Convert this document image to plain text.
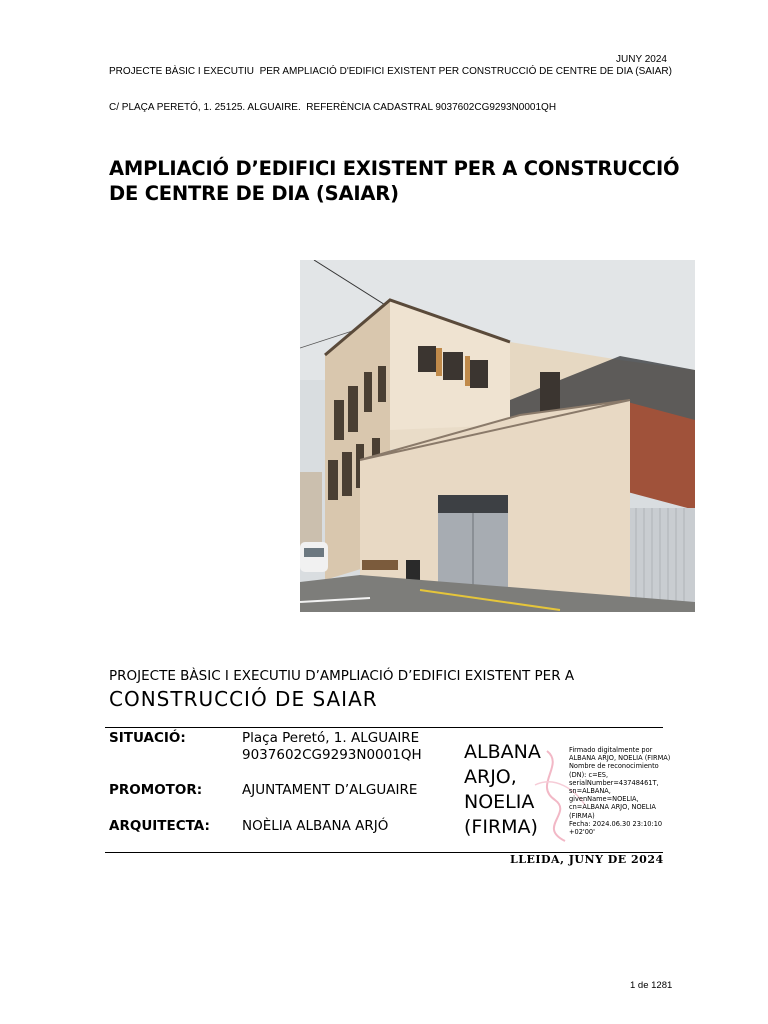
PROJECTE BÀSIC I EXECUTIU  PER AMPLIACIÓ D'EDIFICI EXISTENT PER CONSTRUCCIÓ DE CENTRE DE DIA (SAIAR)

C/ PLAÇA PERETÓ, 1. 25125. ALGUAIRE.  REFERÈNCIA CADASTRAL 9037602CG9293N0001QH

JUNY 2024

AMPLIACIÓ D’EDIFICI EXISTENT PER A CONSTRUCCIÓ
DE CENTRE DE DIA (SAIAR)
PROJECTE BÀSIC I EXECUTIU D’AMPLIACIÓ D’EDIFICI EXISTENT PER A
CONSTRUCCIÓ DE SAIAR
SITUACIÓ:	Plaça Peretó, 1. ALGUAIRE
9037602CG9293N0001QH
PROMOTOR:	AJUNTAMENT D’ALGUAIRE
ARQUITECTA: NOÈLIA ALBANA ARJÓ
ALBANA
ARJO,
NOELIA
(FIRMA)
Firmado digitalmente por
ALBANA ARJO, NOELIA (FIRMA)
Nombre de reconocimiento
(DN): c=ES,
serialNumber=43748461T,
sn=ALBANA,
givenName=NOELIA,
cn=ALBANA ARJO, NOELIA
(FIRMA)
Fecha: 2024.06.30 23:10:10
+02'00'
LLEIDA, JUNY DE 2024
1 de 1281
